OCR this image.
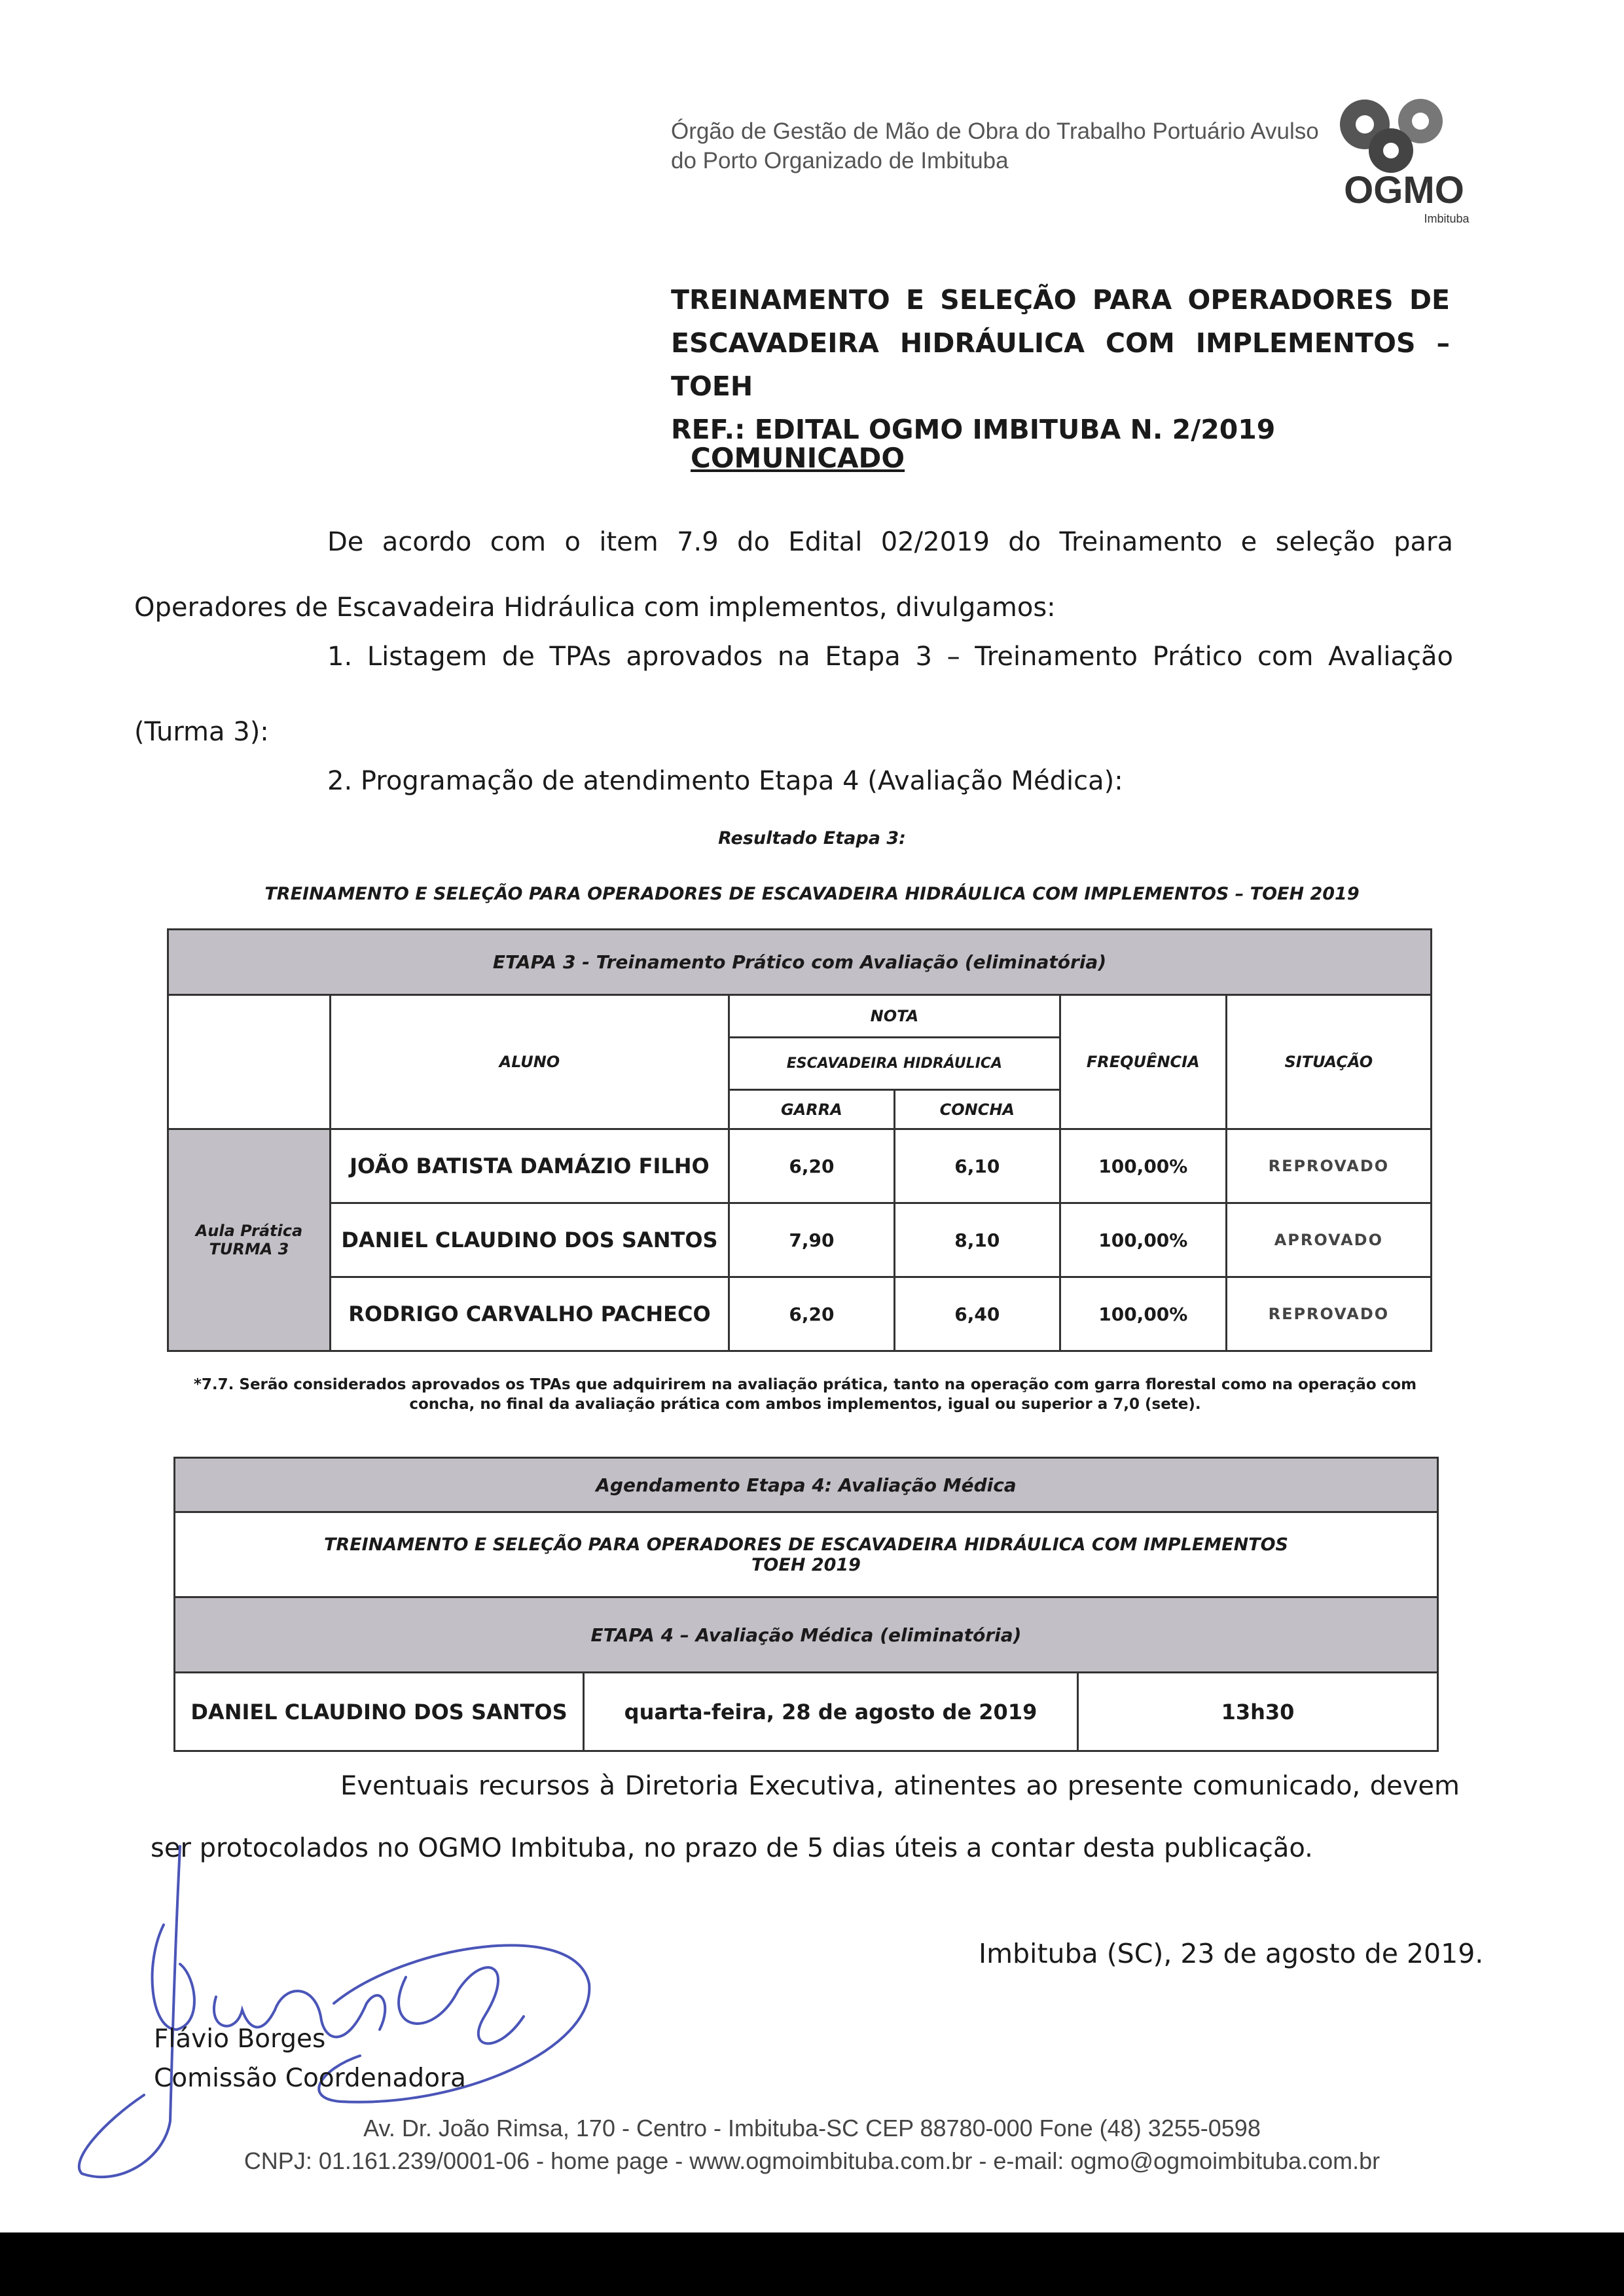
Órgão de Gestão de Mão de Obra do Trabalho Portuário Avulso
do Porto Organizado de Imbituba
OGMO
Imbituba
TREINAMENTO E SELEÇÃO PARA OPERADORES DE
ESCAVADEIRA HIDRÁULICA COM IMPLEMENTOS – TOEH
REF.: EDITAL OGMO IMBITUBA N. 2/2019
COMUNICADO
De acordo com o item 7.9 do Edital 02/2019 do Treinamento e seleção para
Operadores de Escavadeira Hidráulica com implementos, divulgamos:
1. Listagem de TPAs aprovados na Etapa 3 – Treinamento Prático com Avaliação
(Turma 3):
2. Programação de atendimento Etapa 4 (Avaliação Médica):
Resultado Etapa 3:
TREINAMENTO E SELEÇÃO PARA OPERADORES DE ESCAVADEIRA HIDRÁULICA COM IMPLEMENTOS – TOEH 2019
ETAPA 3 - Treinamento Prático com Avaliação (eliminatória)					
	ALUNO	NOTA		FREQUÊNCIA	SITUAÇÃO
		ESCAVADEIRA HIDRÁULICA			
		GARRA	CONCHA		
Aula Prática TURMA 3	JOÃO BATISTA DAMÁZIO FILHO	6,20	6,10	100,00%	REPROVADO
	DANIEL CLAUDINO DOS SANTOS	7,90	8,10	100,00%	APROVADO
	RODRIGO CARVALHO PACHECO	6,20	6,40	100,00%	REPROVADO
*7.7. Serão considerados aprovados os TPAs que adquirirem na avaliação prática, tanto na operação com garra florestal como na operação com
concha, no final da avaliação prática com ambos implementos, igual ou superior a 7,0 (sete).
Agendamento Etapa 4: Avaliação Médica

TREINAMENTO E SELEÇÃO PARA OPERADORES DE ESCAVADEIRA HIDRÁULICA COM IMPLEMENTOS
TOEH 2019

ETAPA 4 – Avaliação Médica (eliminatória)
DANIEL CLAUDINO DOS SANTOS	quarta-feira, 28 de agosto de 2019	13h30
Eventuais recursos à Diretoria Executiva, atinentes ao presente comunicado, devem
ser protocolados no OGMO Imbituba, no prazo de 5 dias úteis a contar desta publicação.
Imbituba (SC), 23 de agosto de 2019.
Flávio Borges
Comissão Coordenadora
Av. Dr. João Rimsa, 170 - Centro - Imbituba-SC CEP 88780-000 Fone (48) 3255-0598
CNPJ: 01.161.239/0001-06 - home page - www.ogmoimbituba.com.br - e-mail: ogmo@ogmoimbituba.com.br
